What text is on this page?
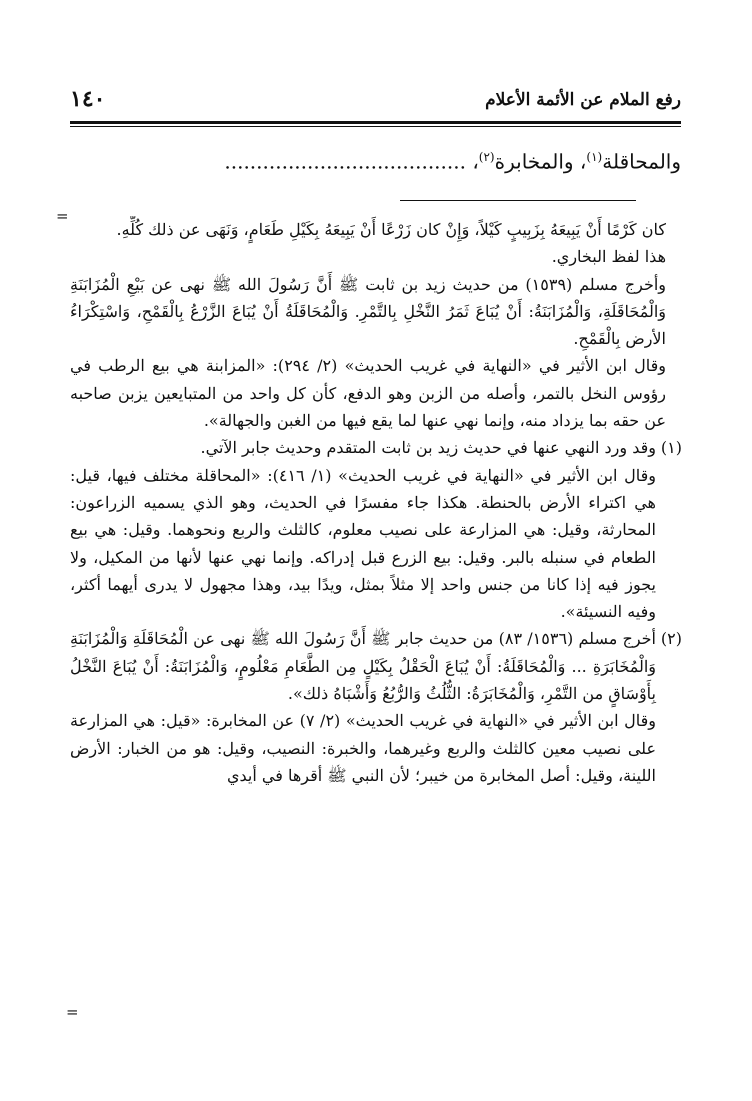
رفع الملام عن الأئمة الأعلام
١٤٠
والمحاقلة$^{(١)}$، والمخابرة$^{(٢)}$، ......................................
=

كان كَرْمًا أَنْ يَبِيعَهُ بِزَبِيبٍ كَيْلاً، وَإِنْ كان زَرْعًا أَنْ يَبِيعَهُ بِكَيْلِ طَعَامٍ، وَنَهَى عن ذلك كُلِّهِ.

هذا لفظ البخاري.

وأخرج مسلم (١٥٣٩) من حديث زيد بن ثابت ﷺ أَنَّ رَسُولَ الله ﷺ نهى عن بَيْعِ الْمُزَابَنَةِ وَالْمُحَاقَلَةِ، وَالْمُزَابَنَةُ: أَنْ يُبَاعَ ثَمَرُ النَّخْلِ بِالتَّمْرِ. وَالْمُحَاقَلَةُ أَنْ يُبَاعَ الزَّرْعُ بِالْقَمْحِ، وَاسْتِكْرَاءُ الأرض بِالْقَمْحِ.

وقال ابن الأثير في «النهاية في غريب الحديث» (٢/ ٢٩٤): «المزابنة هي بيع الرطب في رؤوس النخل بالتمر، وأصله من الزبن وهو الدفع، كأن كل واحد من المتبايعين يزبن صاحبه عن حقه بما يزداد منه، وإنما نهي عنها لما يقع فيها من الغبن والجهالة».

(١)

وقد ورد النهي عنها في حديث زيد بن ثابت المتقدم وحديث جابر الآتي.

وقال ابن الأثير في «النهاية في غريب الحديث» (١/ ٤١٦): «المحاقلة مختلف فيها، قيل: هي اكتراء الأرض بالحنطة. هكذا جاء مفسرًا في الحديث، وهو الذي يسميه الزراعون: المحارثة، وقيل: هي المزارعة على نصيب معلوم، كالثلث والربع ونحوهما. وقيل: هي بيع الطعام في سنبله بالبر. وقيل: بيع الزرع قبل إدراكه. وإنما نهي عنها لأنها من المكيل، ولا يجوز فيه إذا كانا من جنس واحد إلا مثلاً بمثل، ويدًا بيد، وهذا مجهول لا يدرى أيهما أكثر، وفيه النسيئة».

(٢)

أخرج مسلم (١٥٣٦/ ٨٣) من حديث جابر ﷺ أَنَّ رَسُولَ الله ﷺ نهى عن الْمُحَاقَلَةِ وَالْمُزَابَنَةِ وَالْمُخَابَرَةِ ... وَالْمُحَاقَلَةُ: أَنْ يُبَاعَ الْحَقْلُ بِكَيْلٍ مِن الطَّعَامِ مَعْلُومٍ، وَالْمُزَابَنَةُ: أَنْ يُبَاعَ النَّخْلُ بِأَوْسَاقٍ من التَّمْرِ، وَالْمُخَابَرَةُ: الثُّلُثُ وَالرُّبُعُ وَأَشْبَاهُ ذلك».

وقال ابن الأثير في «النهاية في غريب الحديث» (٢/ ٧) عن المخابرة: «قيل: هي المزارعة على نصيب معين كالثلث والربع وغيرهما، والخبرة: النصيب، وقيل: هو من الخبار: الأرض اللينة، وقيل: أصل المخابرة من خيبر؛ لأن النبي ﷺ أقرها في أيدي

=
